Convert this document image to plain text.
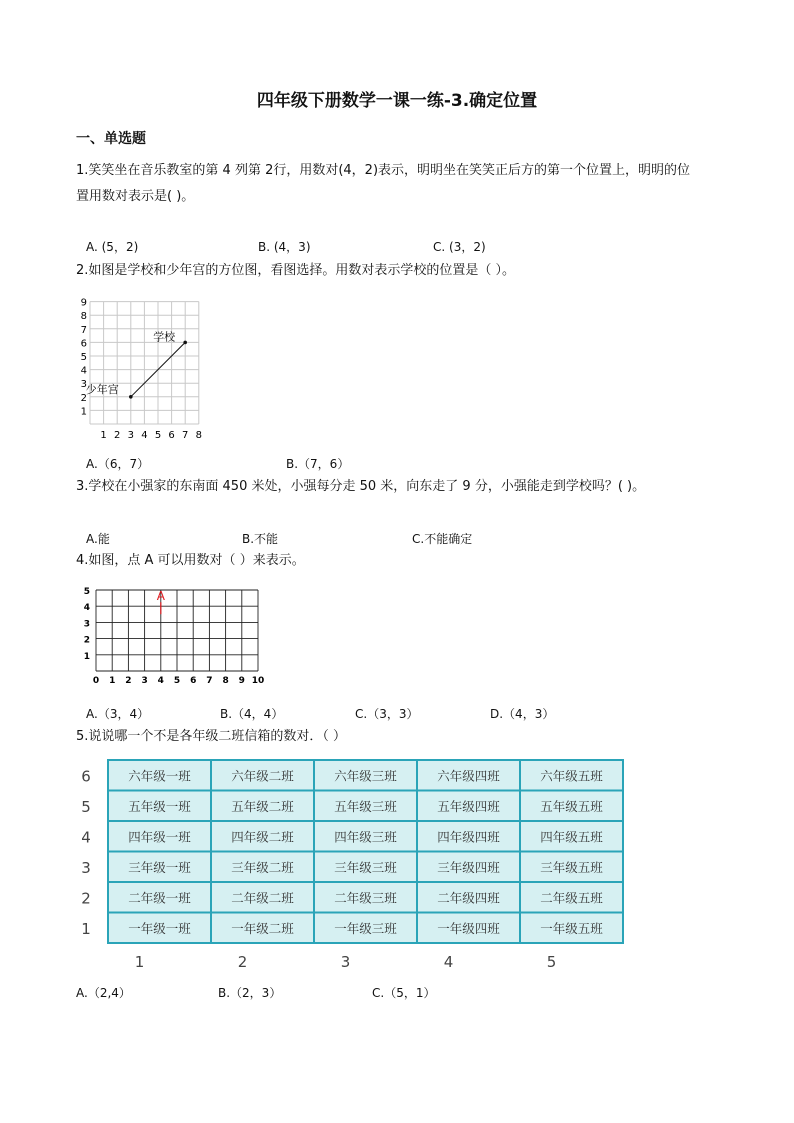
四年级下册数学一课一练-3.确定位置
一、单选题
1.笑笑坐在音乐教室的第 4 列第 2行，用数对(4，2)表示，明明坐在笑笑正后方的第一个位置上，明明的位
置用数对表示是( )。
A. (5，2)	B. (4，3)	C. (3，2)
2.如图是学校和少年宫的方位图，看图选择。用数对表示学校的位置是（ ）。
1
2
3
4
5
6
7
8
9
1 2 3 4 5 6 7 8
少年宫
学校
A.（6，7）	B.（7，6）
3.学校在小强家的东南面 450 米处，小强每分走 50 米，向东走了 9 分，小强能走到学校吗？( )。
A.能	B.不能	C.不能确定
4.如图，点 A 可以用数对（ ）来表示。
1
2
3
4
5
0 1 2 3 4 5 6 7 8 9 10
A
A.（3，4）	B.（4，4）	C.（3，3）	D.（4，3）
5.说说哪一个不是各年级二班信箱的数对．（ ）
六年级一班	六年级二班	六年级三班	六年级四班	六年级五班
五年级一班	五年级二班	五年级三班	五年级四班	五年级五班
四年级一班	四年级二班	四年级三班	四年级四班	四年级五班
三年级一班	三年级二班	三年级三班	三年级四班	三年级五班
二年级一班	二年级二班	二年级三班	二年级四班	二年级五班
一年级一班	一年级二班	一年级三班	一年级四班	一年级五班
6
5
4
3
2
1
1	2	3	4	5
A.（2,4）	B.（2，3）	C.（5，1）
